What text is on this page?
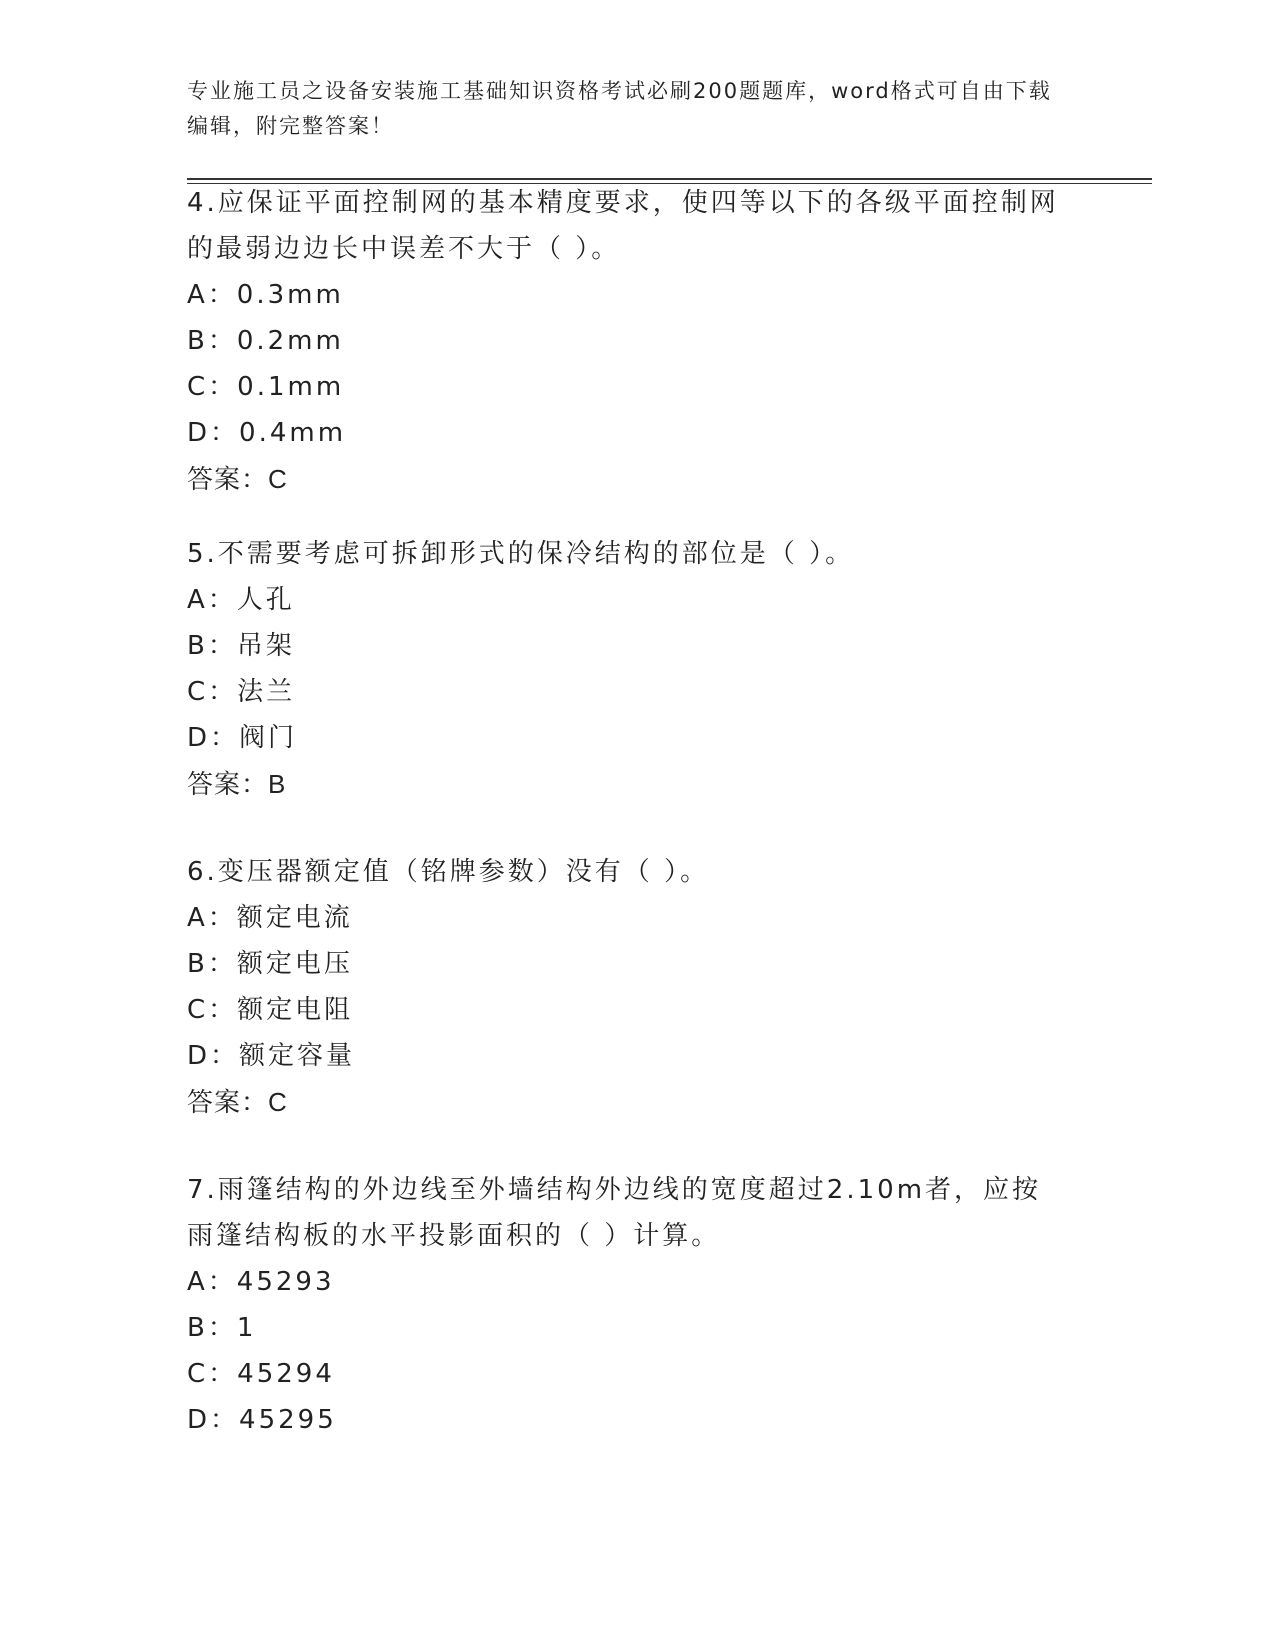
专业施工员之设备安装施工基础知识资格考试必刷200题题库，word格式可自由下载编辑，附完整答案！

4.应保证平面控制网的基本精度要求，使四等以下的各级平面控制网的最弱边边长中误差不大于（ ）。

A：0.3mm

B：0.2mm

C：0.1mm

D：0.4mm

答案：C

5.不需要考虑可拆卸形式的保冷结构的部位是（ ）。

A：人孔

B：吊架

C：法兰

D：阀门

答案：B

6.变压器额定值（铭牌参数）没有（ ）。

A：额定电流

B：额定电压

C：额定电阻

D：额定容量

答案：C

7.雨篷结构的外边线至外墙结构外边线的宽度超过2.10m者，应按雨篷结构板的水平投影面积的（ ）计算。

A：45293

B：1

C：45294

D：45295
